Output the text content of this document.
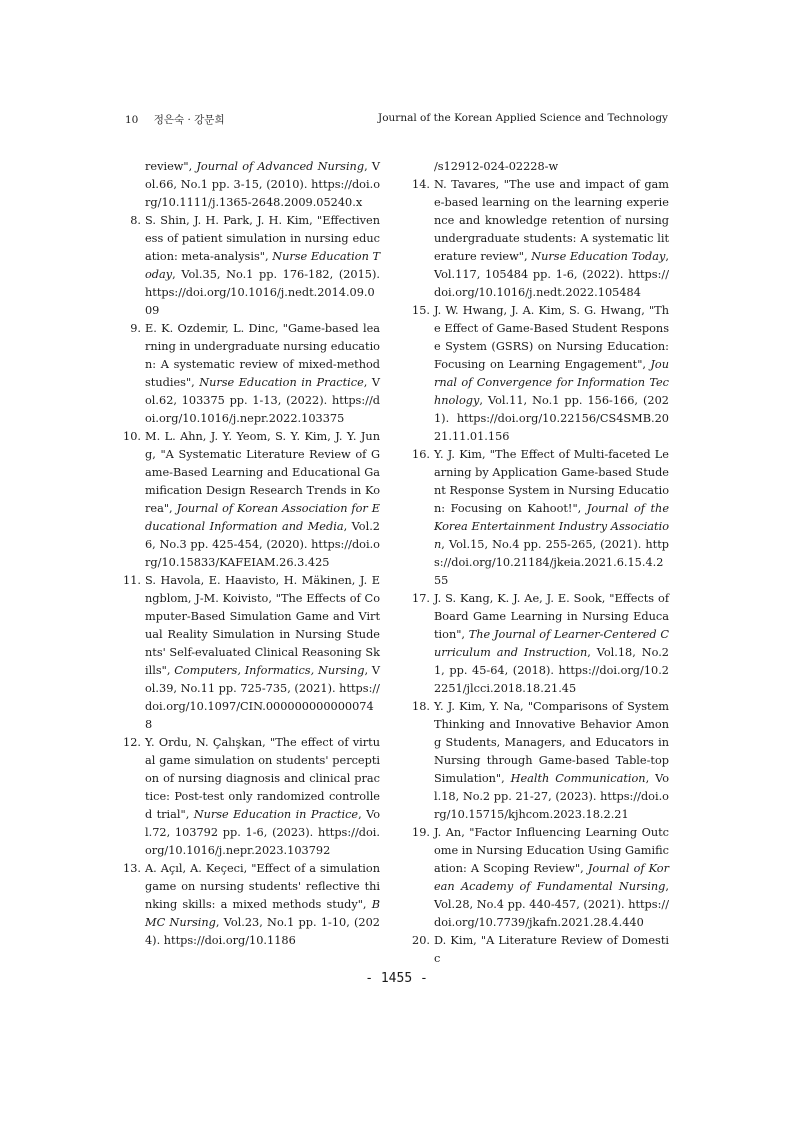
10 정은숙 · 강문희	Journal of the Korean Applied Science and Technology
review", Journal of Advanced Nursing, Vol.66, No.1 pp. 3-15, (2010). https://doi.org/10.1111/j.1365-2648.2009.05240.x
8. S. Shin, J. H. Park, J. H. Kim, "Effectiveness of patient simulation in nursing education: meta-analysis", Nurse Education Today, Vol.35, No.1 pp. 176-182, (2015). https://doi.org/10.1016/j.nedt.2014.09.009
9. E. K. Ozdemir, L. Dinc, "Game-based learning in undergraduate nursing education: A systematic review of mixed-method studies", Nurse Education in Practice, Vol.62, 103375 pp. 1-13, (2022). https://doi.org/10.1016/j.nepr.2022.103375
10. M. L. Ahn, J. Y. Yeom, S. Y. Kim, J. Y. Jung, "A Systematic Literature Review of Game-Based Learning and Educational Gamification Design Research Trends in Korea", Journal of Korean Association for Educational Information and Media, Vol.26, No.3 pp. 425-454, (2020). https://doi.org/10.15833/KAFEIAM.26.3.425
11. S. Havola, E. Haavisto, H. Mäkinen, J. Engblom, J-M. Koivisto, "The Effects of Computer-Based Simulation Game and Virtual Reality Simulation in Nursing Students' Self-evaluated Clinical Reasoning Skills", Computers, Informatics, Nursing, Vol.39, No.11 pp. 725-735, (2021). https://doi.org/10.1097/CIN.0000000000000748
12. Y. Ordu, N. Çalışkan, "The effect of virtual game simulation on students' perception of nursing diagnosis and clinical practice: Post-test only randomized controlled trial", Nurse Education in Practice, Vol.72, 103792 pp. 1-6, (2023). https://doi.org/10.1016/j.nepr.2023.103792
13. A. Açıl, A. Keçeci, "Effect of a simulation game on nursing students' reflective thinking skills: a mixed methods study", BMC Nursing, Vol.23, No.1 pp. 1-10, (2024). https://doi.org/10.1186
/s12912-024-02228-w
14. N. Tavares, "The use and impact of game-based learning on the learning experience and knowledge retention of nursing undergraduate students: A systematic literature review", Nurse Education Today, Vol.117, 105484 pp. 1-6, (2022). https://doi.org/10.1016/j.nedt.2022.105484
15. J. W. Hwang, J. A. Kim, S. G. Hwang, "The Effect of Game-Based Student Response System (GSRS) on Nursing Education: Focusing on Learning Engagement", Journal of Convergence for Information Technology, Vol.11, No.1 pp. 156-166, (2021). https://doi.org/10.22156/CS4SMB.2021.11.01.156
16. Y. J. Kim, "The Effect of Multi-faceted Learning by Application Game-based Student Response System in Nursing Education: Focusing on Kahoot!", Journal of the Korea Entertainment Industry Association, Vol.15, No.4 pp. 255-265, (2021). https://doi.org/10.21184/jkeia.2021.6.15.4.255
17. J. S. Kang, K. J. Ae, J. E. Sook, "Effects of Board Game Learning in Nursing Education", The Journal of Learner-Centered Curriculum and Instruction, Vol.18, No.21, pp. 45-64, (2018). https://doi.org/10.22251/jlcci.2018.18.21.45
18. Y. J. Kim, Y. Na, "Comparisons of System Thinking and Innovative Behavior Among Students, Managers, and Educators in Nursing through Game-based Table-top Simulation", Health Communication, Vol.18, No.2 pp. 21-27, (2023). https://doi.org/10.15715/kjhcom.2023.18.2.21
19. J. An, "Factor Influencing Learning Outcome in Nursing Education Using Gamification: A Scoping Review", Journal of Korean Academy of Fundamental Nursing, Vol.28, No.4 pp. 440-457, (2021). https://doi.org/10.7739/jkafn.2021.28.4.440
20. D. Kim, "A Literature Review of Domestic
- 1455 -
